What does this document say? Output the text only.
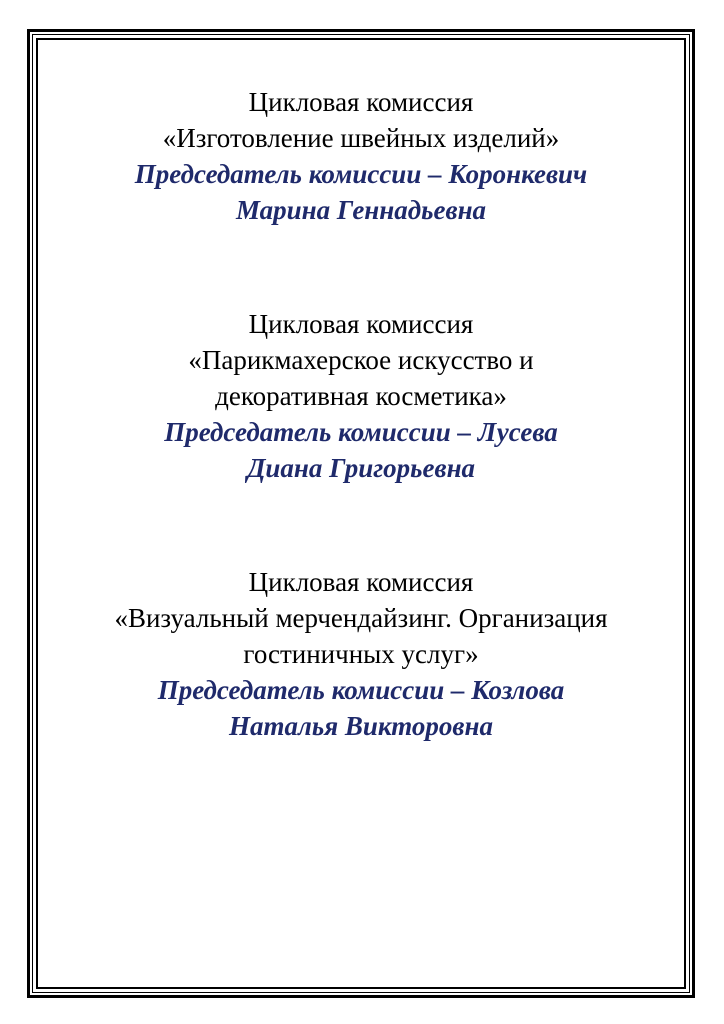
Цикловая комиссия
«Изготовление швейных изделий»
Председатель комиссии – Коронкевич
Марина Геннадьевна
Цикловая комиссия
«Парикмахерское искусство и
декоративная косметика»
Председатель комиссии – Лусева
Диана Григорьевна
Цикловая комиссия
«Визуальный мерчендайзинг. Организация
гостиничных услуг»
Председатель комиссии – Козлова
Наталья Викторовна
